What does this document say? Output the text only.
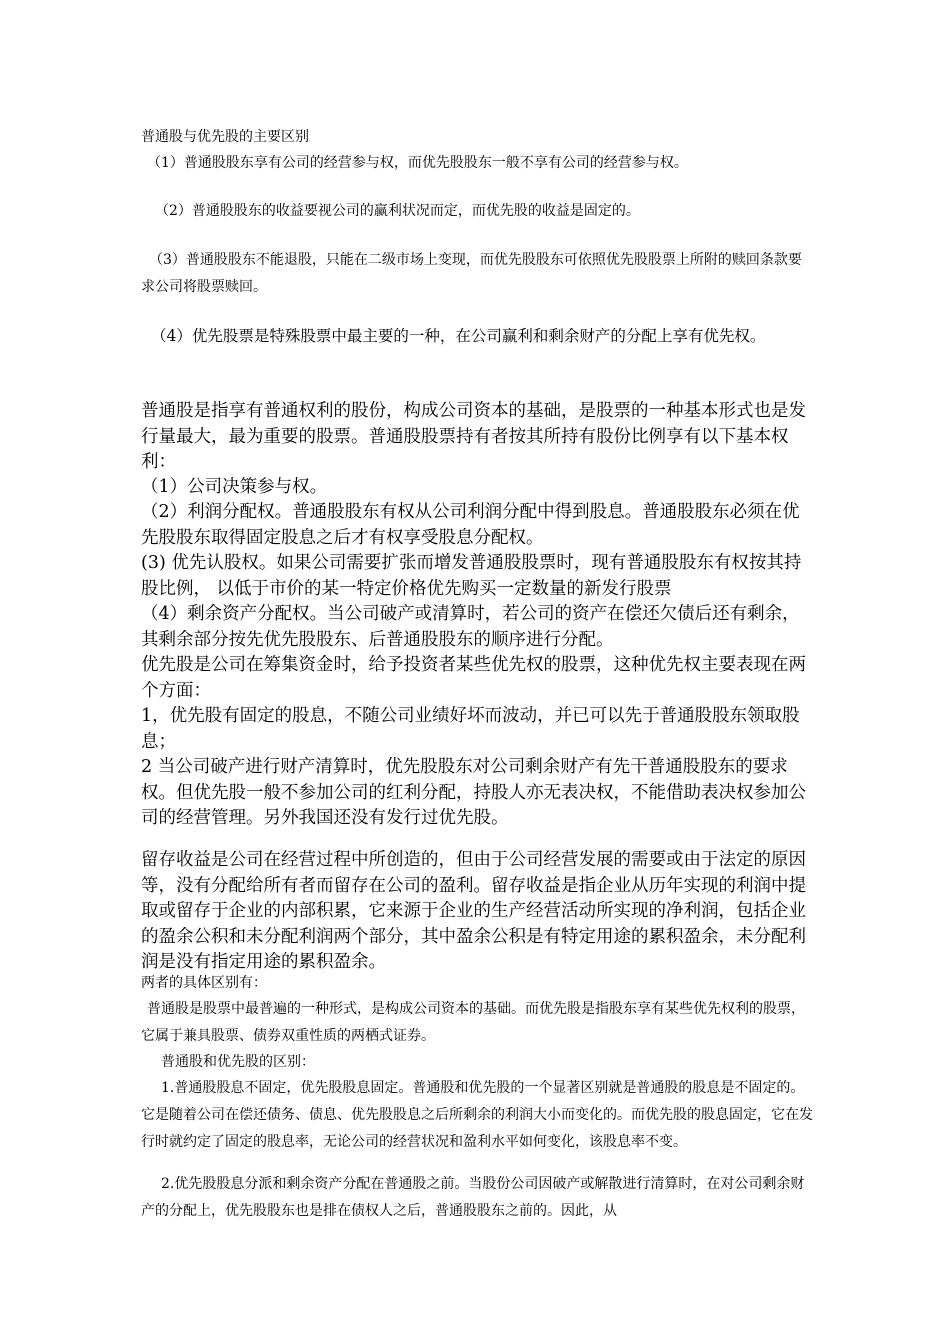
普通股与优先股的主要区别
（1）普通股股东享有公司的经营参与权，而优先股股东一般不享有公司的经营参与权。
（2）普通股股东的收益要视公司的赢利状况而定，而优先股的收益是固定的。
（3）普通股股东不能退股，只能在二级市场上变现，而优先股股东可依照优先股股票上所附的赎回条款要求公司将股票赎回。
（4）优先股票是特殊股票中最主要的一种，在公司赢利和剩余财产的分配上享有优先权。
普通股是指享有普通权利的股份，构成公司资本的基础，是股票的一种基本形式也是发行量最大，最为重要的股票。普通股股票持有者按其所持有股份比例享有以下基本权利：
（1）公司决策参与权。
（2）利润分配权。普通股股东有权从公司利润分配中得到股息。普通股股东必须在优先股股东取得固定股息之后才有权享受股息分配权。
(3) 优先认股权。如果公司需要扩张而增发普通股股票时，现有普通股股东有权按其持股比例， 以低于市价的某一特定价格优先购买一定数量的新发行股票
（4）剩余资产分配权。当公司破产或清算时，若公司的资产在偿还欠债后还有剩余，其剩余部分按先优先股股东、后普通股股东的顺序进行分配。
优先股是公司在筹集资金时，给予投资者某些优先权的股票，这种优先权主要表现在两个方面：
1，优先股有固定的股息，不随公司业绩好坏而波动，并已可以先于普通股股东领取股息；
2 当公司破产进行财产清算时，优先股股东对公司剩余财产有先干普通股股东的要求权。但优先股一般不参加公司的红利分配，持股人亦无表决权，不能借助表决权参加公司的经营管理。另外我国还没有发行过优先股。
留存收益是公司在经营过程中所创造的，但由于公司经营发展的需要或由于法定的原因等，没有分配给所有者而留存在公司的盈利。留存收益是指企业从历年实现的利润中提取或留存于企业的内部积累，它来源于企业的生产经营活动所实现的净利润，包括企业的盈余公积和未分配利润两个部分，其中盈余公积是有特定用途的累积盈余，未分配利润是没有指定用途的累积盈余。
两者的具体区别有：
普通股是股票中最普遍的一种形式，是构成公司资本的基础。而优先股是指股东享有某些优先权利的股票，它属于兼具股票、债券双重性质的两栖式证券。
普通股和优先股的区别：
1.普通股股息不固定，优先股股息固定。普通股和优先股的一个显著区别就是普通股的股息是不固定的。它是随着公司在偿还债务、债息、优先股股息之后所剩余的利润大小而变化的。而优先股的股息固定，它在发行时就约定了固定的股息率，无论公司的经营状况和盈利水平如何变化，该股息率不变。
2.优先股股息分派和剩余资产分配在普通股之前。当股份公司因破产或解散进行清算时，在对公司剩余财产的分配上，优先股股东也是排在债权人之后，普通股股东之前的。因此，从
